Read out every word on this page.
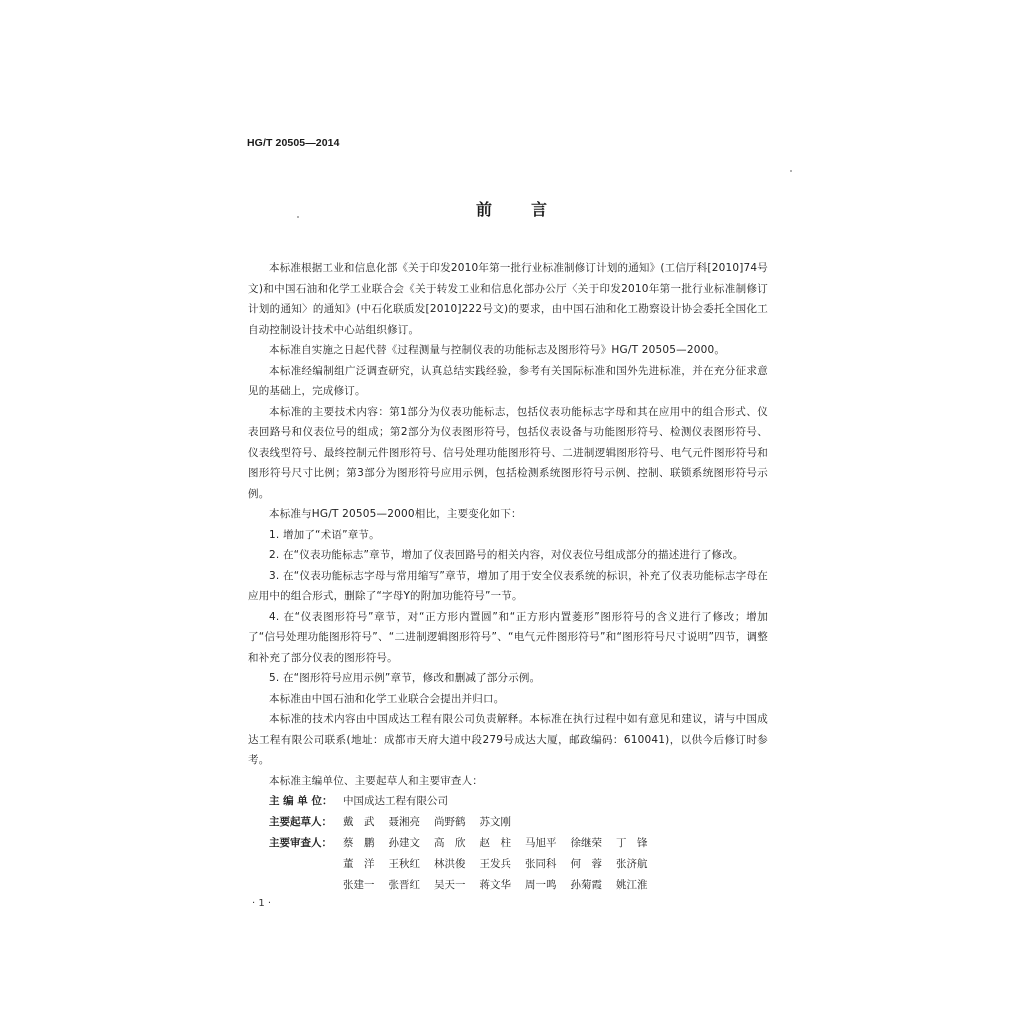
HG/T 20505—2014
前 言

本标准根据工业和信息化部《关于印发2010年第一批行业标准制修订计划的通知》(工信厅科[2010]74号文)和中国石油和化学工业联合会《关于转发工业和信息化部办公厅〈关于印发2010年第一批行业标准制修订计划的通知〉的通知》(中石化联质发[2010]222号文)的要求，由中国石油和化工勘察设计协会委托全国化工自动控制设计技术中心站组织修订。

本标准自实施之日起代替《过程测量与控制仪表的功能标志及图形符号》HG/T 20505—2000。

本标准经编制组广泛调查研究，认真总结实践经验，参考有关国际标准和国外先进标准，并在充分征求意见的基础上，完成修订。

本标准的主要技术内容：第1部分为仪表功能标志，包括仪表功能标志字母和其在应用中的组合形式、仪表回路号和仪表位号的组成；第2部分为仪表图形符号，包括仪表设备与功能图形符号、检测仪表图形符号、仪表线型符号、最终控制元件图形符号、信号处理功能图形符号、二进制逻辑图形符号、电气元件图形符号和图形符号尺寸比例；第3部分为图形符号应用示例，包括检测系统图形符号示例、控制、联锁系统图形符号示例。

本标准与HG/T 20505—2000相比，主要变化如下：

1. 增加了“术语”章节。

2. 在“仪表功能标志”章节，增加了仪表回路号的相关内容，对仪表位号组成部分的描述进行了修改。

3. 在“仪表功能标志字母与常用缩写”章节，增加了用于安全仪表系统的标识，补充了仪表功能标志字母在应用中的组合形式，删除了“字母Y的附加功能符号”一节。

4. 在“仪表图形符号”章节，对“正方形内置圆”和“正方形内置菱形”图形符号的含义进行了修改；增加了“信号处理功能图形符号”、“二进制逻辑图形符号”、“电气元件图形符号”和“图形符号尺寸说明”四节，调整和补充了部分仪表的图形符号。

5. 在“图形符号应用示例”章节，修改和删减了部分示例。

本标准由中国石油和化学工业联合会提出并归口。

本标准的技术内容由中国成达工程有限公司负责解释。本标准在执行过程中如有意见和建议，请与中国成达工程有限公司联系(地址：成都市天府大道中段279号成达大厦，邮政编码：610041)，以供今后修订时参考。

本标准主编单位、主要起草人和主要审查人：

主 编 单 位：	中国成达工程有限公司
主要起草人：	戴　武 聂湘亮 尚野鹤 苏文刚
主要审查人：	蔡　鹏 孙建文 高　欣 赵　柱 马旭平 徐继荣 丁　锋
董　洋 王秋红 林洪俊 王发兵 张同科 何　蓉 张济航
张建一 张晋红 吴天一 蒋文华 周一鸣 孙菊霞 姚江淮
· 1 ·
